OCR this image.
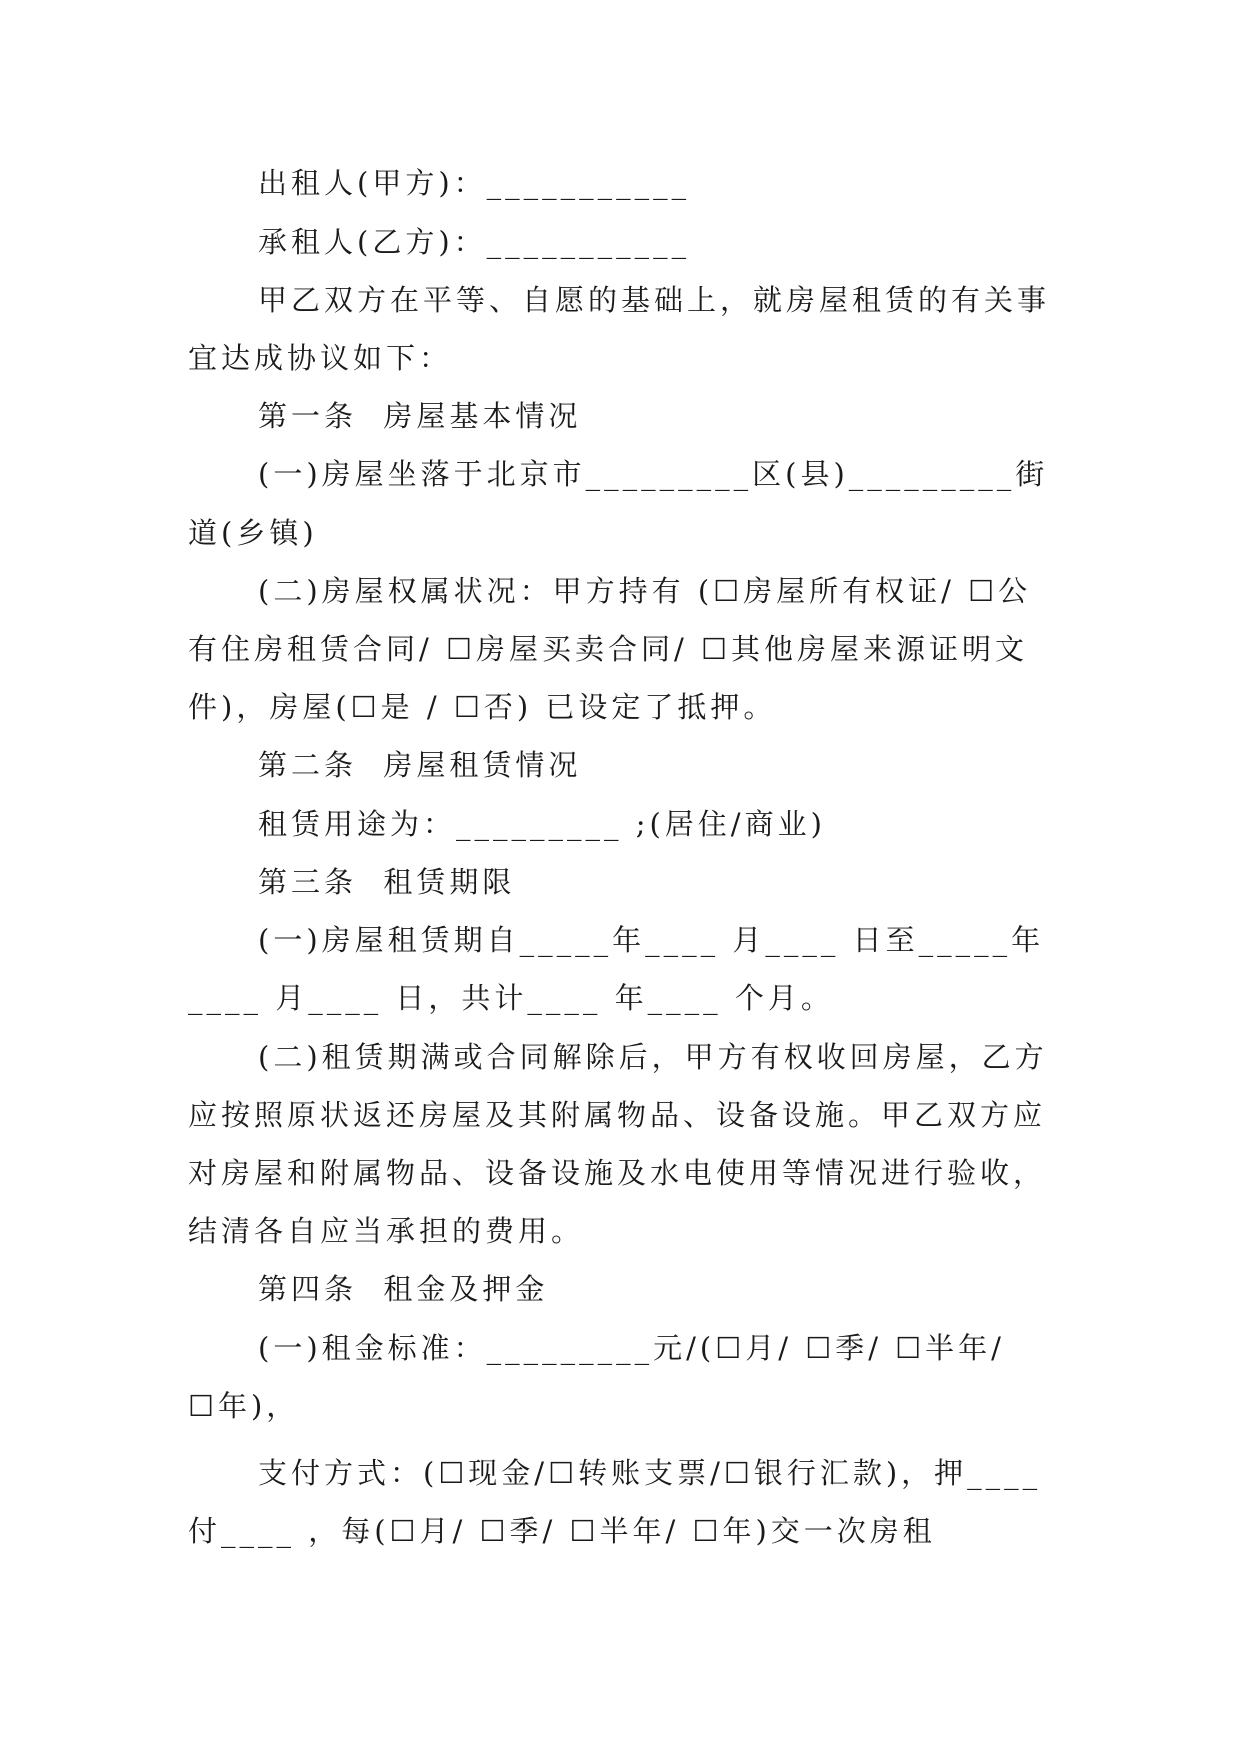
出租人(甲方)：___________
承租人(乙方)：___________
甲乙双方在平等、自愿的基础上，就房屋租赁的有关事
宜达成协议如下：
第一条  房屋基本情况
(一)房屋坐落于北京市_________区(县)_________街
道(乡镇)
(二)房屋权属状况：甲方持有 (☐房屋所有权证/ ☐公
有住房租赁合同/ ☐房屋买卖合同/ ☐其他房屋来源证明文
件)，房屋(☐是 / ☐否) 已设定了抵押。
第二条  房屋租赁情况
租赁用途为：_________ ;(居住/商业)
第三条  租赁期限
(一)房屋租赁期自_____年____ 月____ 日至_____年
____ 月____ 日，共计____ 年____ 个月。
(二)租赁期满或合同解除后，甲方有权收回房屋，乙方
应按照原状返还房屋及其附属物品、设备设施。甲乙双方应
对房屋和附属物品、设备设施及水电使用等情况进行验收，
结清各自应当承担的费用。
第四条  租金及押金
(一)租金标准：_________元/(☐月/ ☐季/ ☐半年/
☐年)，
支付方式：(☐现金/☐转账支票/☐银行汇款)，押____
付____ ，每(☐月/ ☐季/ ☐半年/ ☐年)交一次房租
